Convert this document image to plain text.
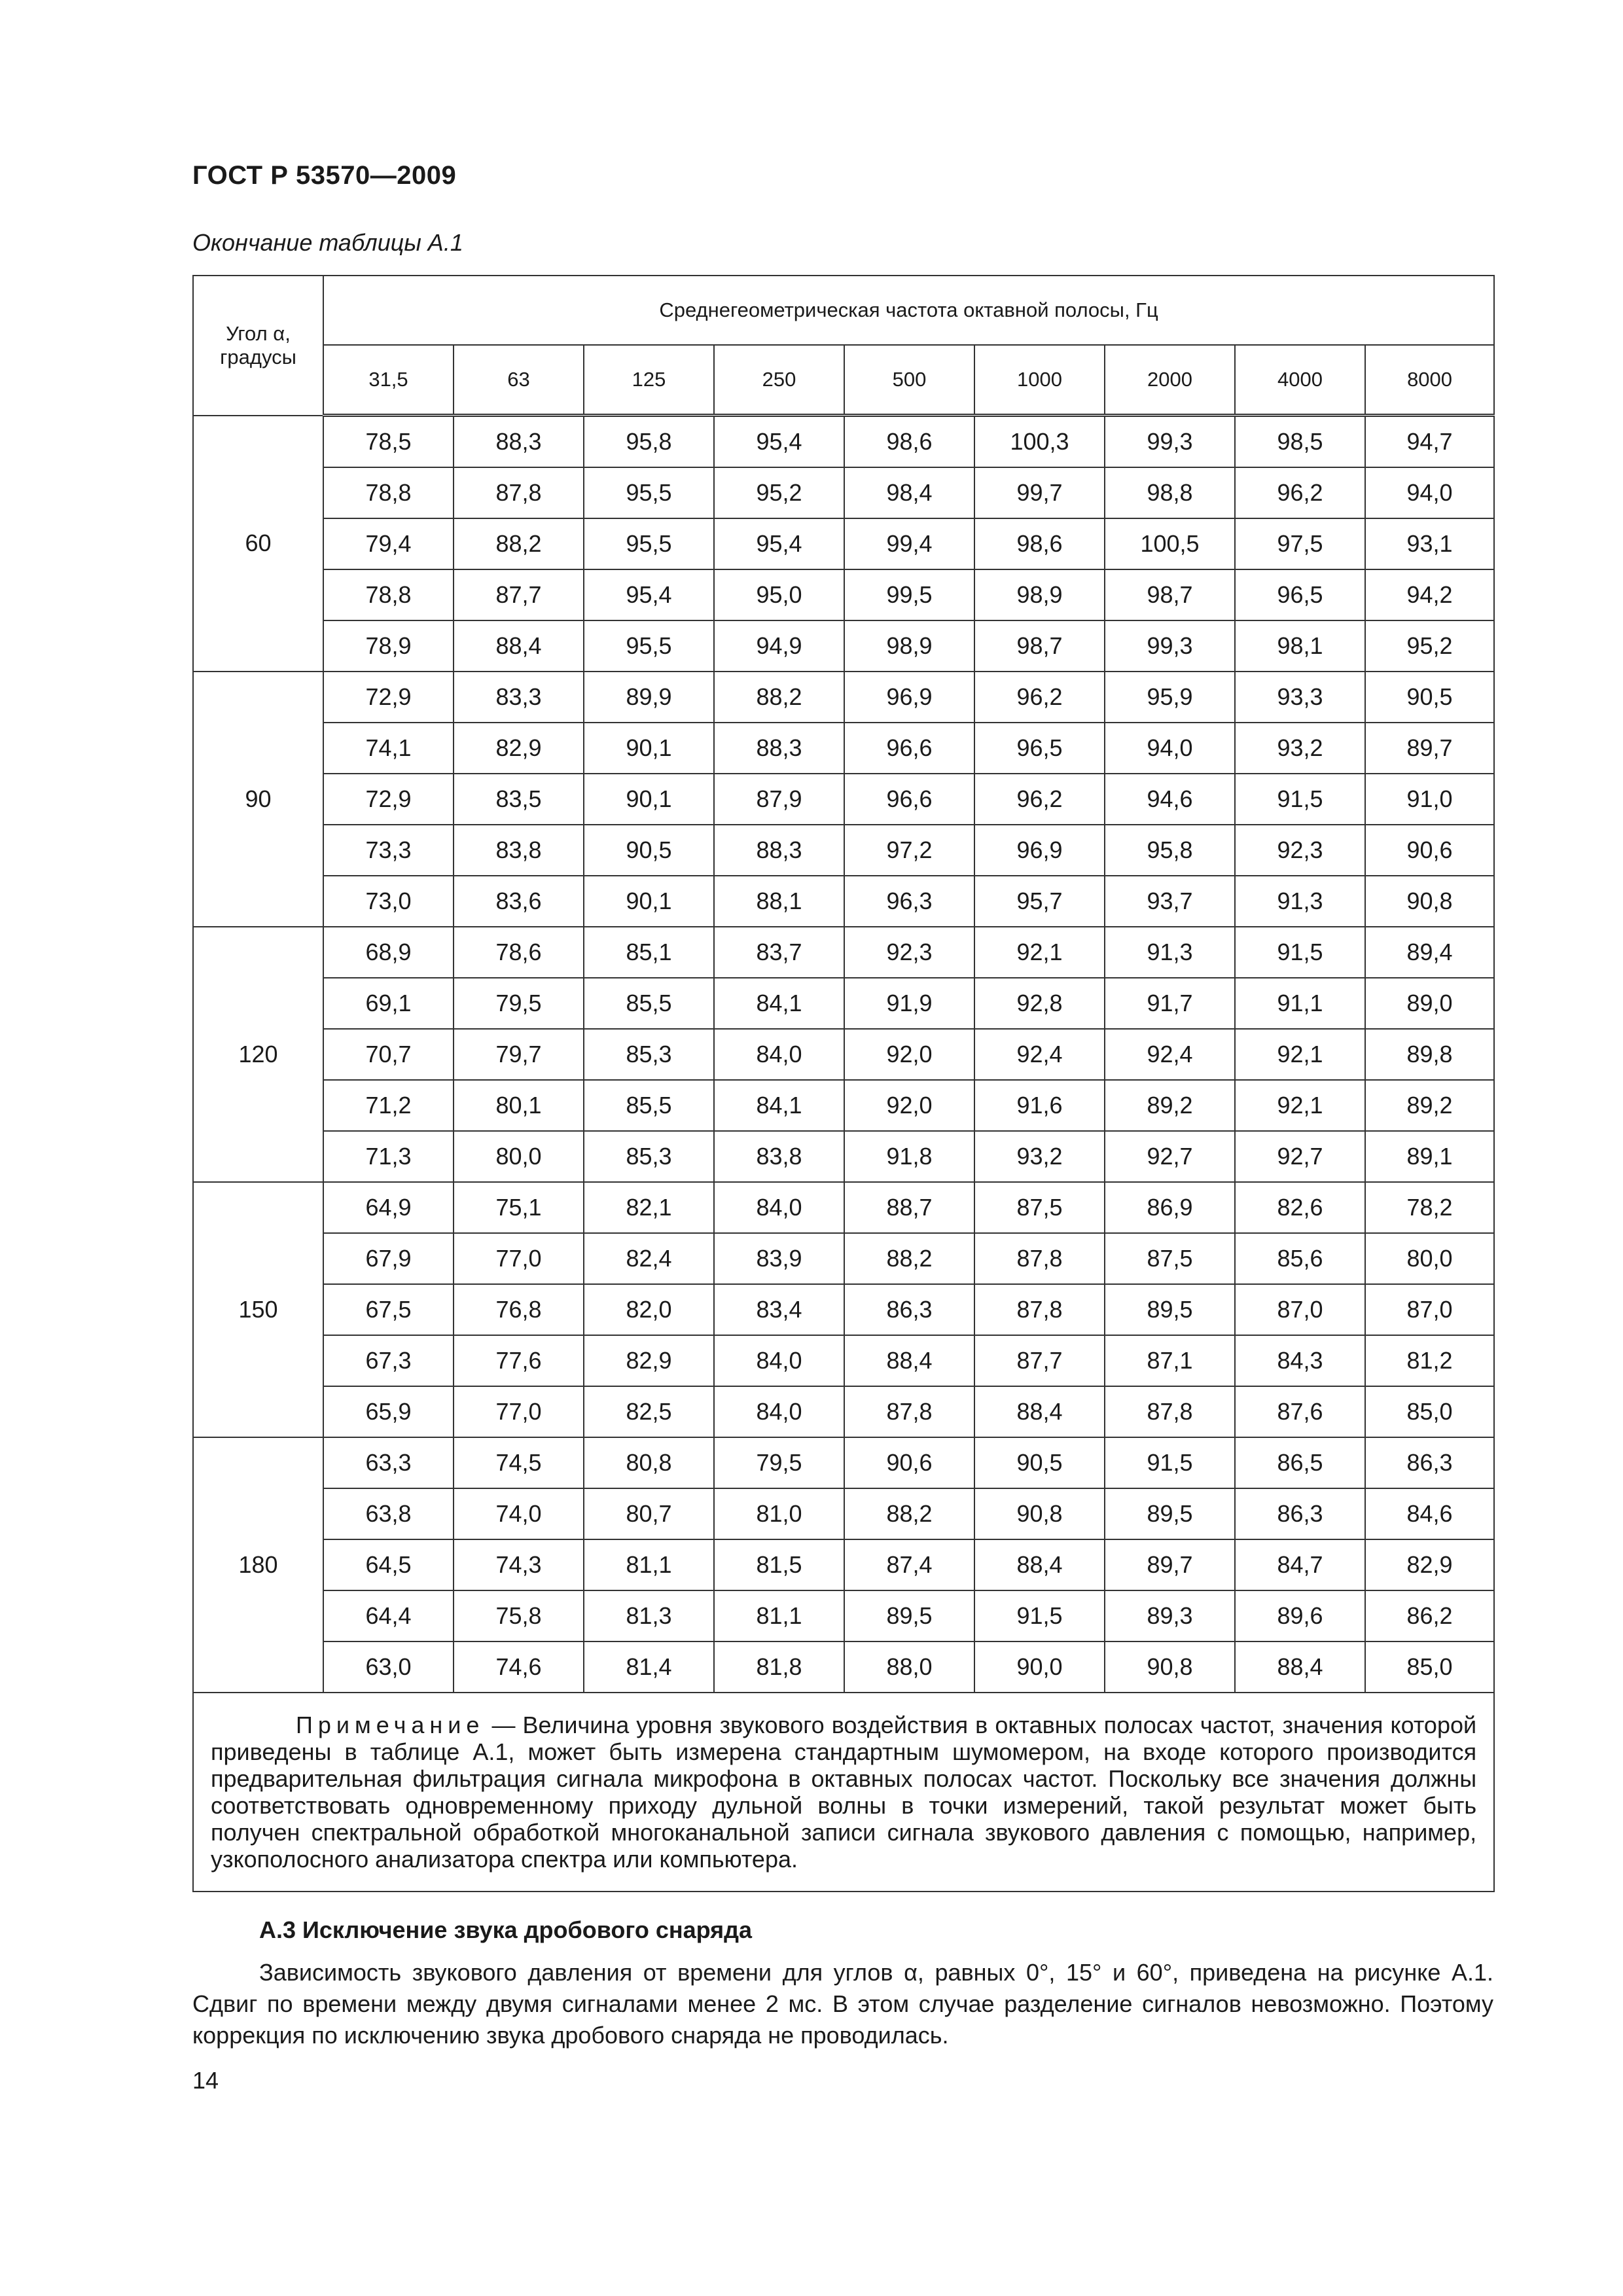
ГОСТ Р 53570—2009
Окончание таблицы А.1
Угол α, градусы	Среднегеометрическая частота октавной полосы, Гц								
	31,5	63	125	250	500	1000	2000	4000	8000
60	78,5	88,3	95,8	95,4	98,6	100,3	99,3	98,5	94,7
	78,8	87,8	95,5	95,2	98,4	99,7	98,8	96,2	94,0
	79,4	88,2	95,5	95,4	99,4	98,6	100,5	97,5	93,1
	78,8	87,7	95,4	95,0	99,5	98,9	98,7	96,5	94,2
	78,9	88,4	95,5	94,9	98,9	98,7	99,3	98,1	95,2
90	72,9	83,3	89,9	88,2	96,9	96,2	95,9	93,3	90,5
	74,1	82,9	90,1	88,3	96,6	96,5	94,0	93,2	89,7
	72,9	83,5	90,1	87,9	96,6	96,2	94,6	91,5	91,0
	73,3	83,8	90,5	88,3	97,2	96,9	95,8	92,3	90,6
	73,0	83,6	90,1	88,1	96,3	95,7	93,7	91,3	90,8
120	68,9	78,6	85,1	83,7	92,3	92,1	91,3	91,5	89,4
	69,1	79,5	85,5	84,1	91,9	92,8	91,7	91,1	89,0
	70,7	79,7	85,3	84,0	92,0	92,4	92,4	92,1	89,8
	71,2	80,1	85,5	84,1	92,0	91,6	89,2	92,1	89,2
	71,3	80,0	85,3	83,8	91,8	93,2	92,7	92,7	89,1
150	64,9	75,1	82,1	84,0	88,7	87,5	86,9	82,6	78,2
	67,9	77,0	82,4	83,9	88,2	87,8	87,5	85,6	80,0
	67,5	76,8	82,0	83,4	86,3	87,8	89,5	87,0	87,0
	67,3	77,6	82,9	84,0	88,4	87,7	87,1	84,3	81,2
	65,9	77,0	82,5	84,0	87,8	88,4	87,8	87,6	85,0
180	63,3	74,5	80,8	79,5	90,6	90,5	91,5	86,5	86,3
	63,8	74,0	80,7	81,0	88,2	90,8	89,5	86,3	84,6
	64,5	74,3	81,1	81,5	87,4	88,4	89,7	84,7	82,9
	64,4	75,8	81,3	81,1	89,5	91,5	89,3	89,6	86,2
	63,0	74,6	81,4	81,8	88,0	90,0	90,8	88,4	85,0

Примечание — Величина уровня звукового воздействия в октавных полосах частот, значения которой приведены в таблице А.1, может быть измерена стандартным шумомером, на входе которого производится предварительная фильтрация сигнала микрофона в октавных полосах частот. Поскольку все значения должны соответствовать одновременному приходу дульной волны в точки измерений, такой результат может быть получен спектральной обработкой многоканальной записи сигнала звукового давления с помощью, например, узкополосного анализатора спектра или компьютера.									
А.3 Исключение звука дробового снаряда
Зависимость звукового давления от времени для углов α, равных 0°, 15° и 60°, приведена на рисунке А.1. Сдвиг по времени между двумя сигналами менее 2 мс. В этом случае разделение сигналов невозможно. Поэтому коррекция по исключению звука дробового снаряда не проводилась.
14
